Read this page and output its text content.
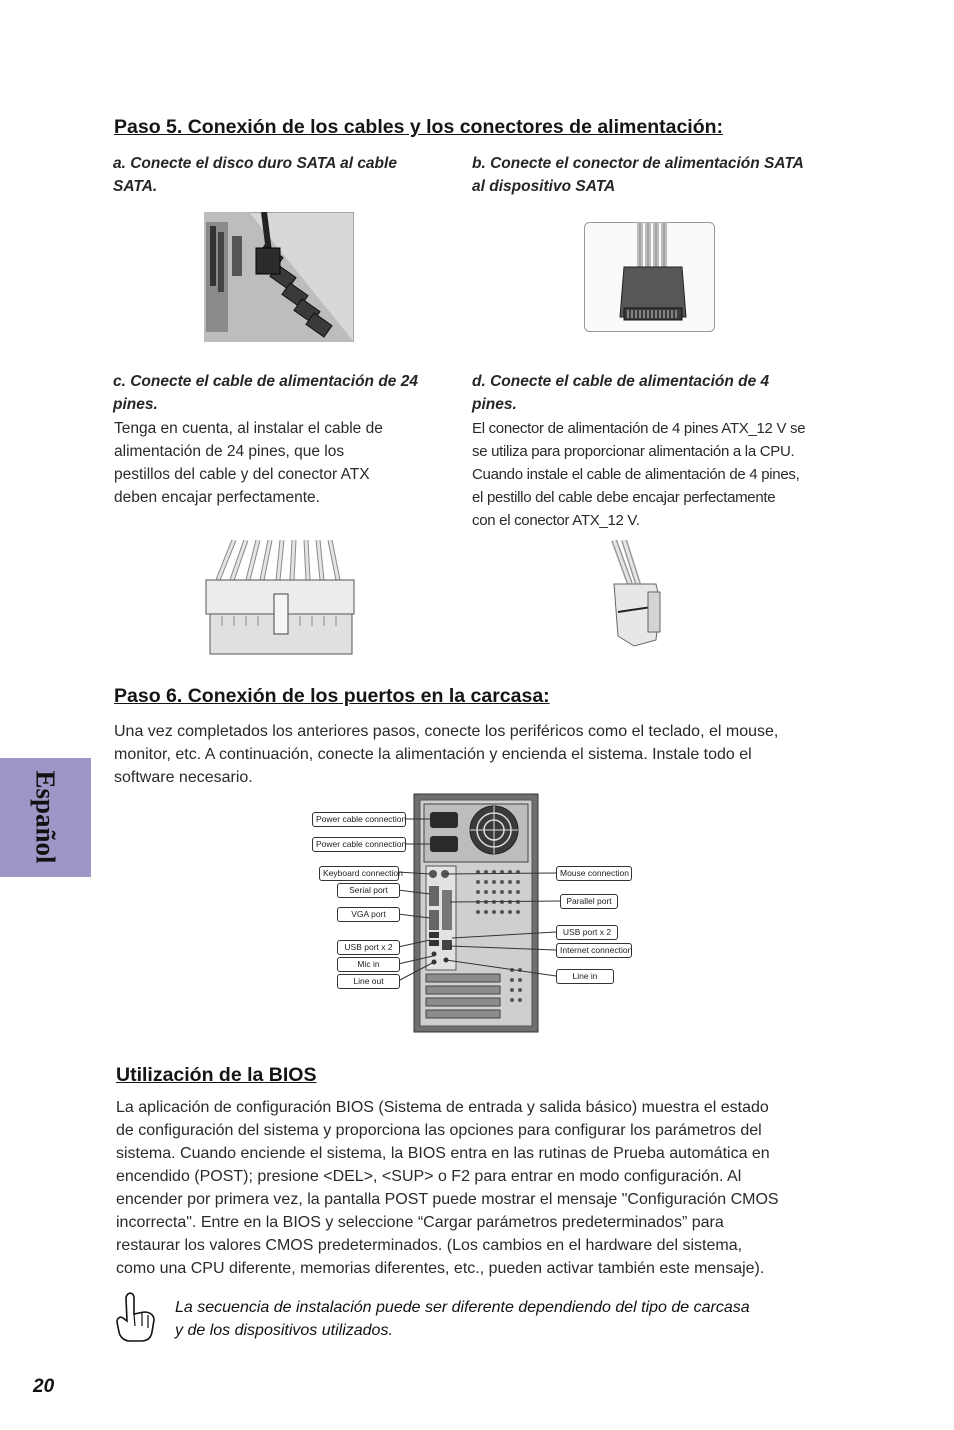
Paso 5. Conexión de los cables y los conectores de alimentación:
a. Conecte el disco duro SATA al cable
SATA.
b. Conecte el conector de alimentación SATA
al dispositivo SATA
c. Conecte el cable de alimentación de 24
pines.
Tenga en cuenta, al instalar el cable de
alimentación de 24 pines, que los
pestillos del cable y del conector ATX
deben encajar perfectamente.
d. Conecte el cable de alimentación de 4
pines.
El conector de alimentación de 4 pines ATX_12 V se
se utiliza para proporcionar alimentación a la CPU.
Cuando instale el cable de alimentación de 4 pines,
el pestillo del cable debe encajar perfectamente
con el conector ATX_12 V.
Paso 6. Conexión de los puertos en la carcasa:
Una vez completados los anteriores pasos, conecte los periféricos como el teclado, el mouse,
monitor, etc. A continuación, conecte la alimentación y encienda el sistema. Instale todo el
software necesario.
Power cable connection
Power cable connection
Keyboard connection
Serial port
VGA port
USB port x 2
Mic in
Line out
Mouse connection
Parallel port
USB port x 2
Internet connection
Line in
Utilización de la BIOS
La aplicación de configuración BIOS (Sistema de entrada y salida básico) muestra el estado
de configuración del sistema y proporciona las opciones para configurar los parámetros del
sistema. Cuando enciende el sistema, la BIOS entra en las rutinas de Prueba automática en
encendido (POST); presione <DEL>, <SUP> o F2 para entrar en modo configuración. Al
encender por primera vez, la pantalla POST puede mostrar el mensaje "Configuración CMOS
incorrecta". Entre en la BIOS y seleccione “Cargar parámetros predeterminados” para
restaurar los valores CMOS predeterminados. (Los cambios en el hardware del sistema,
como una CPU diferente, memorias diferentes, etc., pueden activar también este mensaje).
La secuencia de instalación puede ser diferente dependiendo del tipo de carcasa
y de los dispositivos utilizados.
Español
20
